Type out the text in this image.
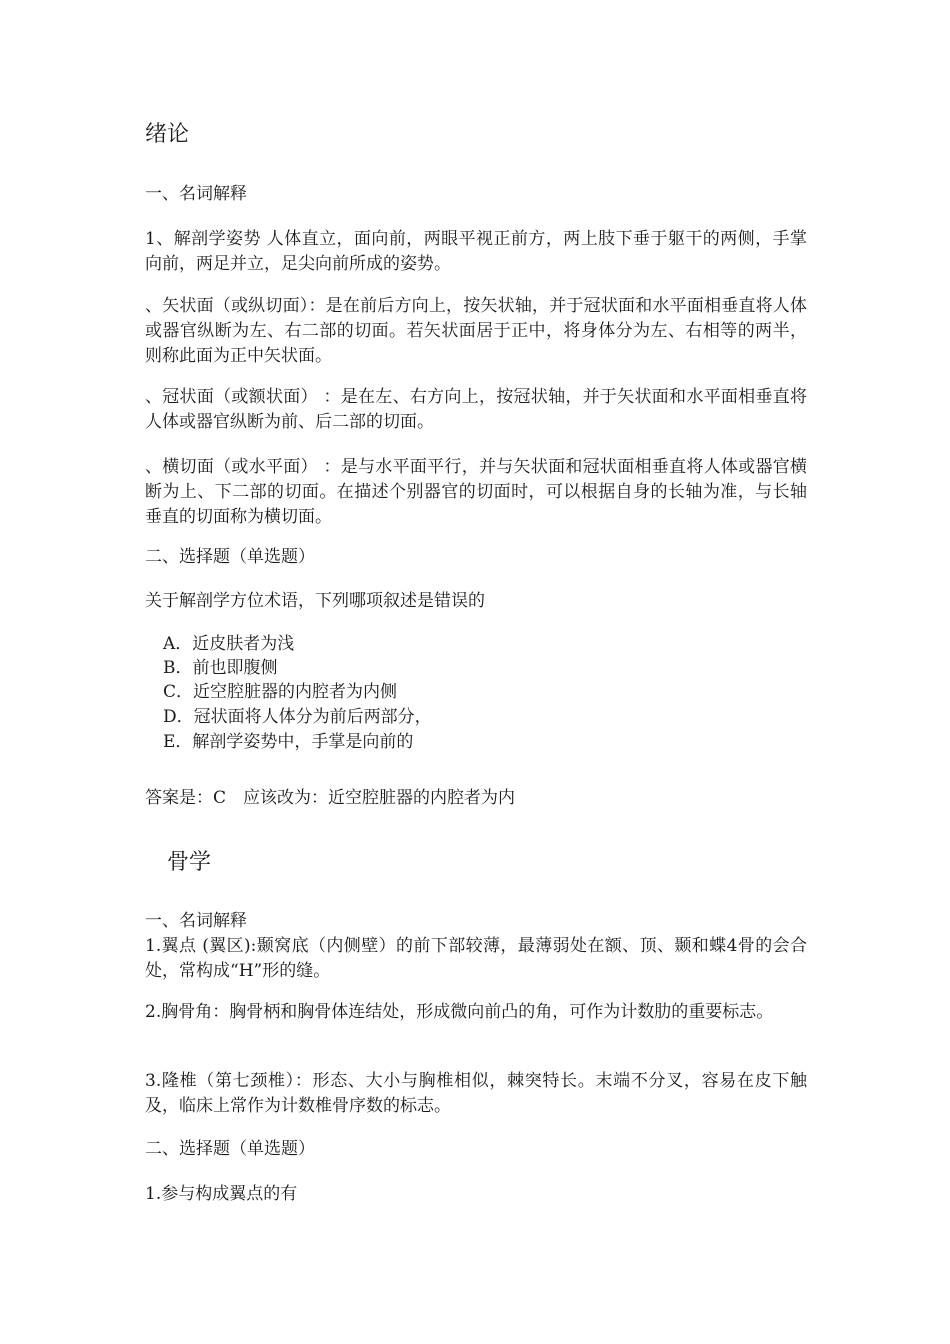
绪论
一、名词解释
1、解剖学姿势 人体直立，面向前，两眼平视正前方，两上肢下垂于躯干的两侧，手掌向前，两足并立，足尖向前所成的姿势。
、矢状面（或纵切面）：是在前后方向上，按矢状轴，并于冠状面和水平面相垂直将人体或器官纵断为左、右二部的切面。若矢状面居于正中，将身体分为左、右相等的两半，则称此面为正中矢状面。
、冠状面（或额状面） ：是在左、右方向上，按冠状轴，并于矢状面和水平面相垂直将人体或器官纵断为前、后二部的切面。
、横切面（或水平面） ：是与水平面平行，并与矢状面和冠状面相垂直将人体或器官横断为上、下二部的切面。在描述个别器官的切面时，可以根据自身的长轴为准，与长轴垂直的切面称为横切面。
二、选择题（单选题）
关于解剖学方位术语，下列哪项叙述是错误的
A．近皮肤者为浅
B．前也即腹侧
C．近空腔脏器的内腔者为内侧
D．冠状面将人体分为前后两部分，
E．解剖学姿势中，手掌是向前的
答案是：C　应该改为：近空腔脏器的内腔者为内
骨学
一、名词解释
1.翼点 (翼区):颞窝底（内侧壁）的前下部较薄，最薄弱处在额、顶、颞和蝶4骨的会合处，常构成“H”形的缝。
2.胸骨角：胸骨柄和胸骨体连结处，形成微向前凸的角，可作为计数肋的重要标志。
3.隆椎（第七颈椎）：形态、大小与胸椎相似，棘突特长。末端不分叉，容易在皮下触及，临床上常作为计数椎骨序数的标志。
二、选择题（单选题）
1.参与构成翼点的有
